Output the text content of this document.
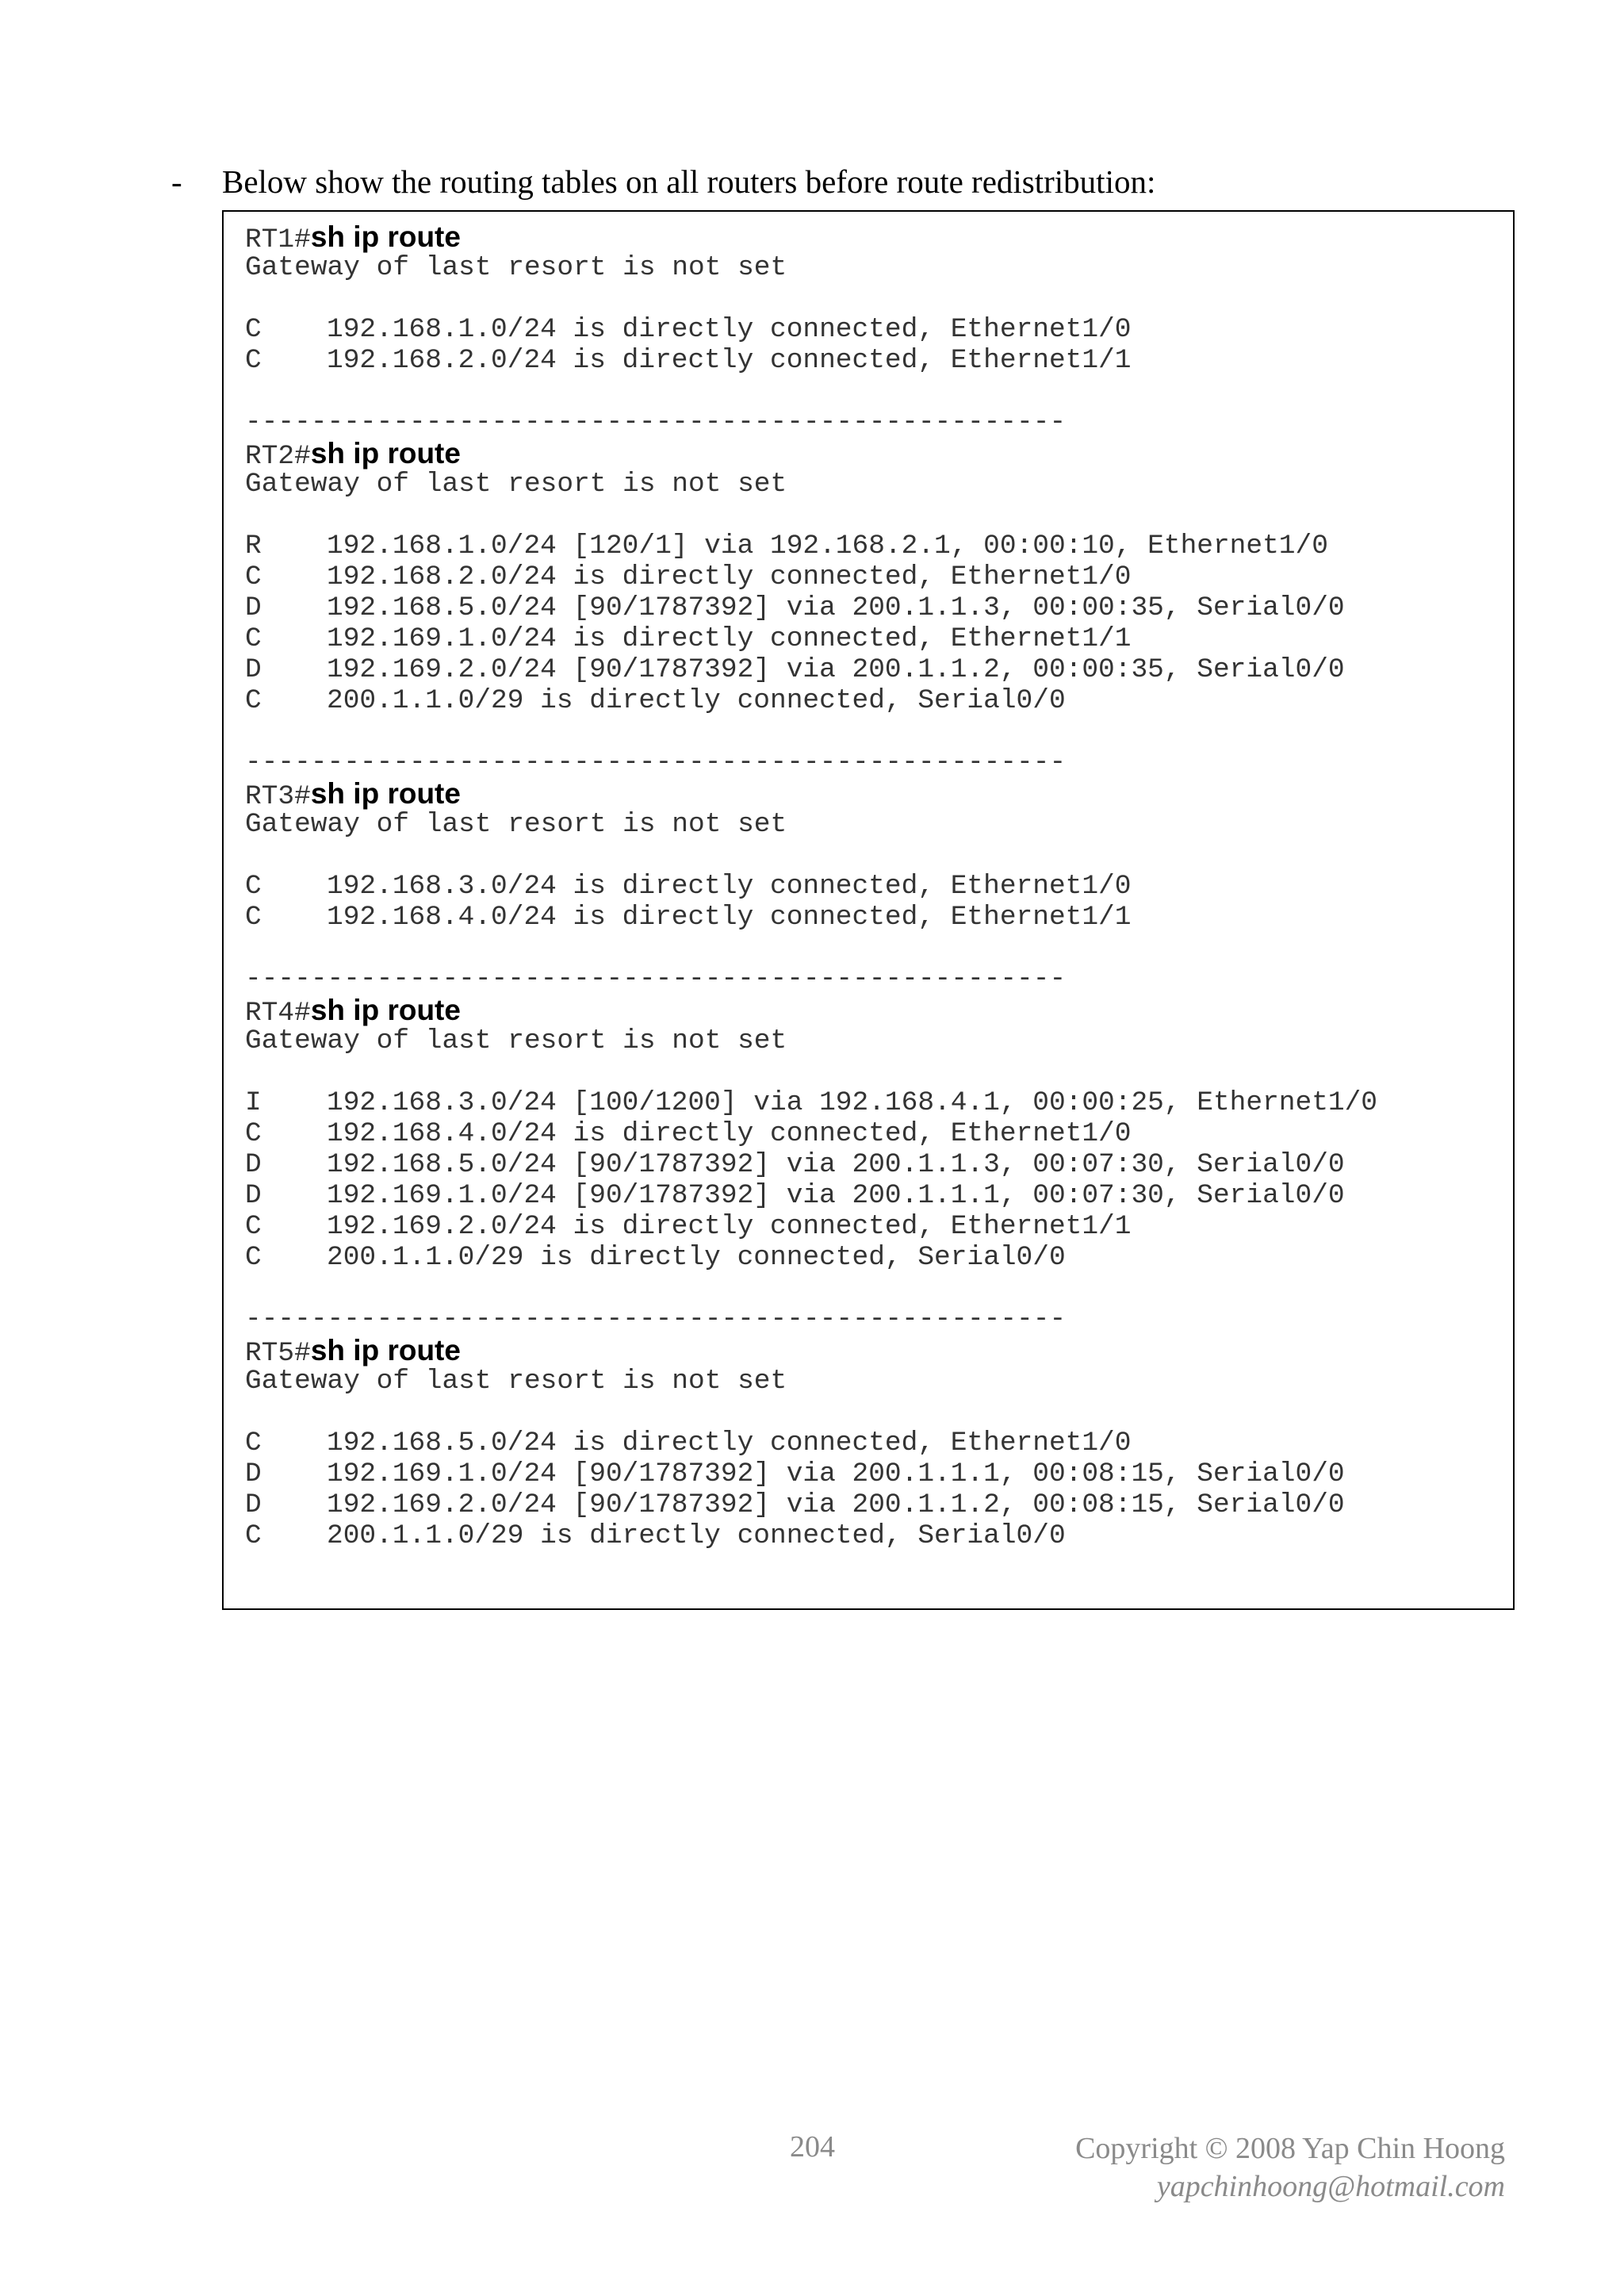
- Below show the routing tables on all routers before route redistribution:
RT1#sh ip route
Gateway of last resort is not set
C 192.168.1.0/24 is directly connected, Ethernet1/0
C 192.168.2.0/24 is directly connected, Ethernet1/1
--------------------------------------------------
RT2#sh ip route
Gateway of last resort is not set
R 192.168.1.0/24 [120/1] via 192.168.2.1, 00:00:10, Ethernet1/0
C 192.168.2.0/24 is directly connected, Ethernet1/0
D 192.168.5.0/24 [90/1787392] via 200.1.1.3, 00:00:35, Serial0/0
C 192.169.1.0/24 is directly connected, Ethernet1/1
D 192.169.2.0/24 [90/1787392] via 200.1.1.2, 00:00:35, Serial0/0
C 200.1.1.0/29 is directly connected, Serial0/0
--------------------------------------------------
RT3#sh ip route
Gateway of last resort is not set
C 192.168.3.0/24 is directly connected, Ethernet1/0
C 192.168.4.0/24 is directly connected, Ethernet1/1
--------------------------------------------------
RT4#sh ip route
Gateway of last resort is not set
I 192.168.3.0/24 [100/1200] via 192.168.4.1, 00:00:25, Ethernet1/0
C 192.168.4.0/24 is directly connected, Ethernet1/0
D 192.168.5.0/24 [90/1787392] via 200.1.1.3, 00:07:30, Serial0/0
D 192.169.1.0/24 [90/1787392] via 200.1.1.1, 00:07:30, Serial0/0
C 192.169.2.0/24 is directly connected, Ethernet1/1
C 200.1.1.0/29 is directly connected, Serial0/0
--------------------------------------------------
RT5#sh ip route
Gateway of last resort is not set
C 192.168.5.0/24 is directly connected, Ethernet1/0
D 192.169.1.0/24 [90/1787392] via 200.1.1.1, 00:08:15, Serial0/0
D 192.169.2.0/24 [90/1787392] via 200.1.1.2, 00:08:15, Serial0/0
C 200.1.1.0/29 is directly connected, Serial0/0
204	Copyright © 2008 Yap Chin Hoong
yapchinhoong@hotmail.com
